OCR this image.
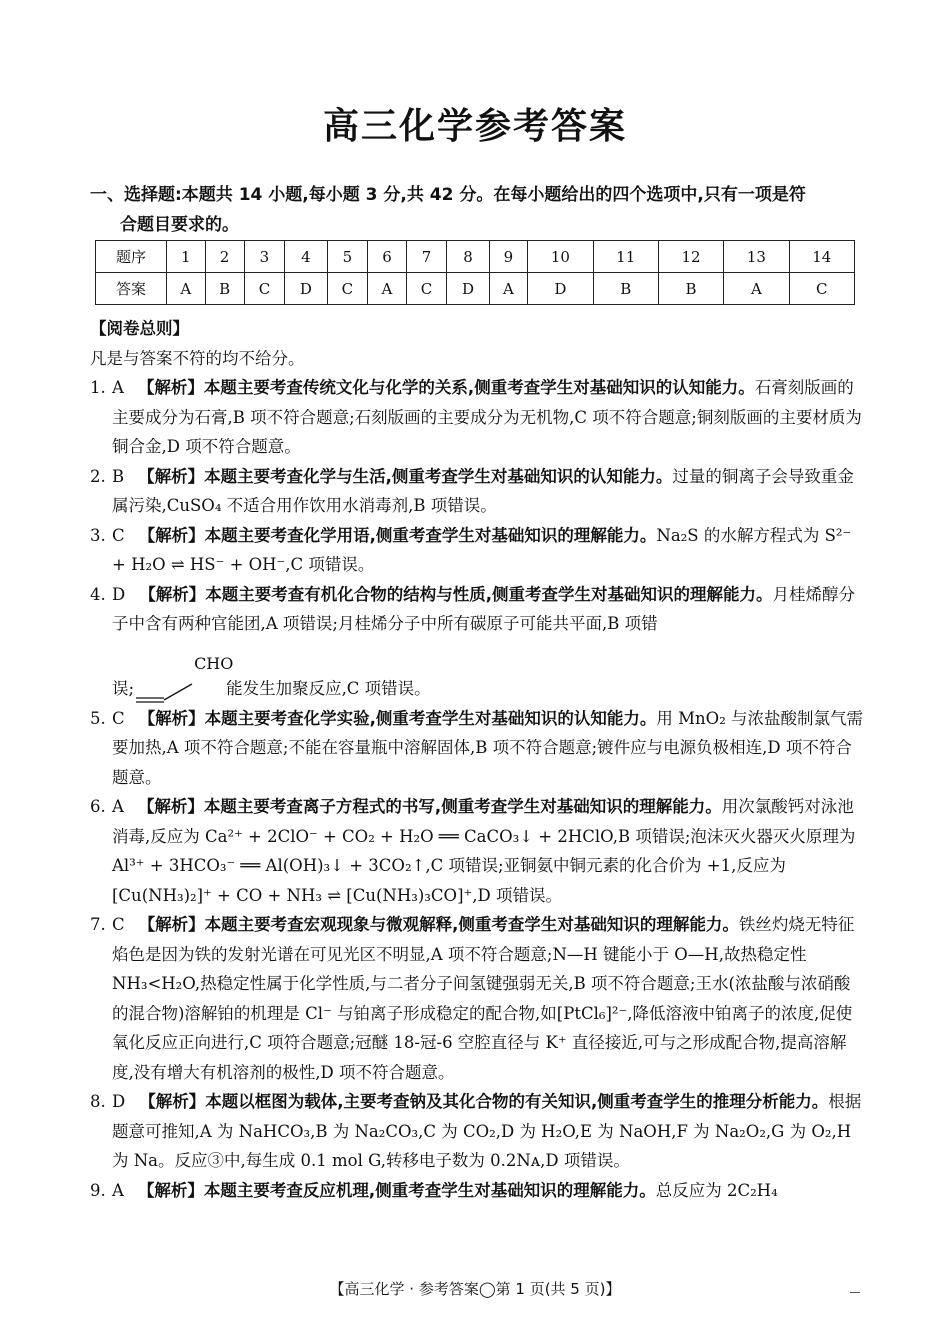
高三化学参考答案
一、选择题:本题共 14 小题,每小题 3 分,共 42 分。在每小题给出的四个选项中,只有一项是符
合题目要求的。
题序	1	2	3	4	5	6	7	8	9	10	11	12	13	14
答案	A	B	C	D	C	A	C	D	A	D	B	B	A	C

【阅卷总则】

凡是与答案不符的均不给分。

1. A 【解析】本题主要考查传统文化与化学的关系,侧重考查学生对基础知识的认知能力。石膏刻版画的主要成分为石膏,B 项不符合题意;石刻版画的主要成分为无机物,C 项不符合题意;铜刻版画的主要材质为铜合金,D 项不符合题意。

2. B 【解析】本题主要考查化学与生活,侧重考查学生对基础知识的认知能力。过量的铜离子会导致重金属污染,CuSO₄ 不适合用作饮用水消毒剂,B 项错误。

3. C 【解析】本题主要考查化学用语,侧重考查学生对基础知识的理解能力。Na₂S 的水解方程式为 S²⁻ + H₂O ⇌ HS⁻ + OH⁻,C 项错误。

4. D 【解析】本题主要考查有机化合物的结构与性质,侧重考查学生对基础知识的理解能力。月桂烯醇分子中含有两种官能团,A 项错误;月桂烯分子中所有碳原子可能共平面,B 项错

误;
CHO
能发生加聚反应,C 项错误。

5. C 【解析】本题主要考查化学实验,侧重考查学生对基础知识的认知能力。用 MnO₂ 与浓盐酸制氯气需要加热,A 项不符合题意;不能在容量瓶中溶解固体,B 项不符合题意;镀件应与电源负极相连,D 项不符合题意。

6. A 【解析】本题主要考查离子方程式的书写,侧重考查学生对基础知识的理解能力。用次氯酸钙对泳池消毒,反应为 Ca²⁺ + 2ClO⁻ + CO₂ + H₂O ══ CaCO₃↓ + 2HClO,B 项错误;泡沫灭火器灭火原理为 Al³⁺ + 3HCO₃⁻ ══ Al(OH)₃↓ + 3CO₂↑,C 项错误;亚铜氨中铜元素的化合价为 +1,反应为[Cu(NH₃)₂]⁺ + CO + NH₃ ⇌ [Cu(NH₃)₃CO]⁺,D 项错误。

7. C 【解析】本题主要考查宏观现象与微观解释,侧重考查学生对基础知识的理解能力。铁丝灼烧无特征焰色是因为铁的发射光谱在可见光区不明显,A 项不符合题意;N—H 键能小于 O—H,故热稳定性 NH₃<H₂O,热稳定性属于化学性质,与二者分子间氢键强弱无关,B 项不符合题意;王水(浓盐酸与浓硝酸的混合物)溶解铂的机理是 Cl⁻ 与铂离子形成稳定的配合物,如[PtCl₆]²⁻,降低溶液中铂离子的浓度,促使氧化反应正向进行,C 项符合题意;冠醚 18-冠-6 空腔直径与 K⁺ 直径接近,可与之形成配合物,提高溶解度,没有增大有机溶剂的极性,D 项不符合题意。

8. D 【解析】本题以框图为载体,主要考查钠及其化合物的有关知识,侧重考查学生的推理分析能力。根据题意可推知,A 为 NaHCO₃,B 为 Na₂CO₃,C 为 CO₂,D 为 H₂O,E 为 NaOH,F 为 Na₂O₂,G 为 O₂,H 为 Na。反应③中,每生成 0.1 mol G,转移电子数为 0.2Nᴀ,D 项错误。

9. A 【解析】本题主要考查反应机理,侧重考查学生对基础知识的理解能力。总反应为 2C₂H₄

【高三化学 · 参考答案◯第 1 页(共 5 页)】
